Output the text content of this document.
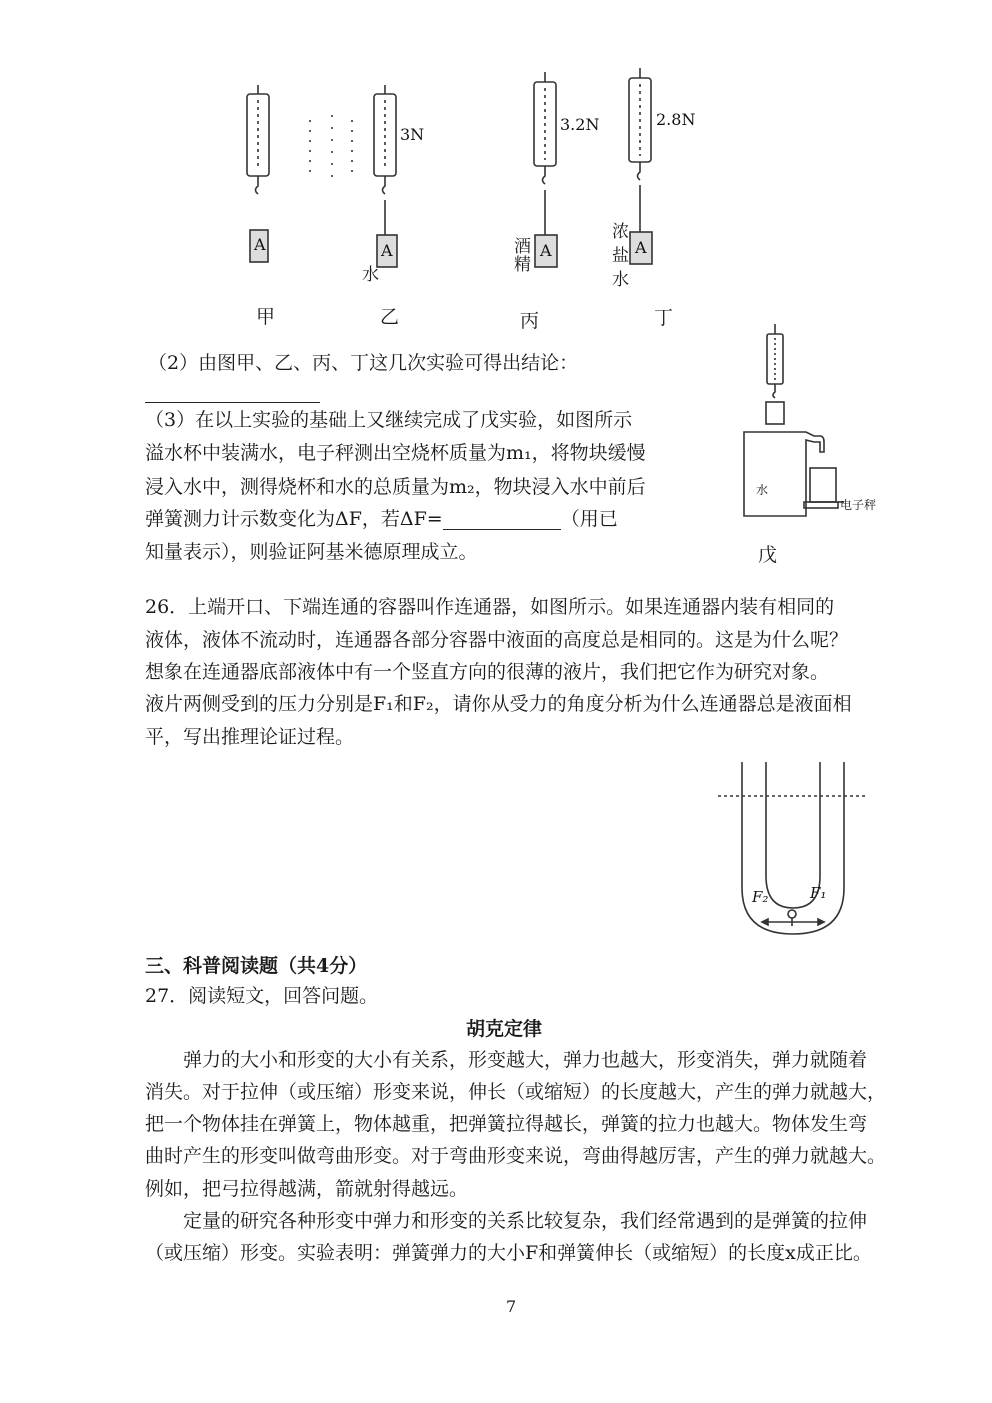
A	A	A	A
3N
3.2N	2.8N
水
酒精
浓盐水
甲	乙	丙	丁
（2）由图甲、乙、丙、丁这几次实验可得出结论：
（3）在以上实验的基础上又继续完成了戊实验，如图所示
溢水杯中装满水，电子秤测出空烧杯质量为m₁，将物块缓慢
浸入水中，测得烧杯和水的总质量为m₂，物块浸入水中前后
弹簧测力计示数变化为ΔF，若ΔF=	（用已
知量表示），则验证阿基米德原理成立。
水
电子秤
戊
26．上端开口、下端连通的容器叫作连通器，如图所示。如果连通器内装有相同的
液体，液体不流动时，连通器各部分容器中液面的高度总是相同的。这是为什么呢？
想象在连通器底部液体中有一个竖直方向的很薄的液片，我们把它作为研究对象。
液片两侧受到的压力分别是F₁和F₂，请你从受力的角度分析为什么连通器总是液面相
平，写出推理论证过程。
F₂	F₁
三、科普阅读题（共4分）
27．阅读短文，回答问题。
胡克定律
弹力的大小和形变的大小有关系，形变越大，弹力也越大，形变消失，弹力就随着
消失。对于拉伸（或压缩）形变来说，伸长（或缩短）的长度越大，产生的弹力就越大，
把一个物体挂在弹簧上，物体越重，把弹簧拉得越长，弹簧的拉力也越大。物体发生弯
曲时产生的形变叫做弯曲形变。对于弯曲形变来说，弯曲得越厉害，产生的弹力就越大。
例如，把弓拉得越满，箭就射得越远。
定量的研究各种形变中弹力和形变的关系比较复杂，我们经常遇到的是弹簧的拉伸
（或压缩）形变。实验表明：弹簧弹力的大小F和弹簧伸长（或缩短）的长度x成正比。
7
